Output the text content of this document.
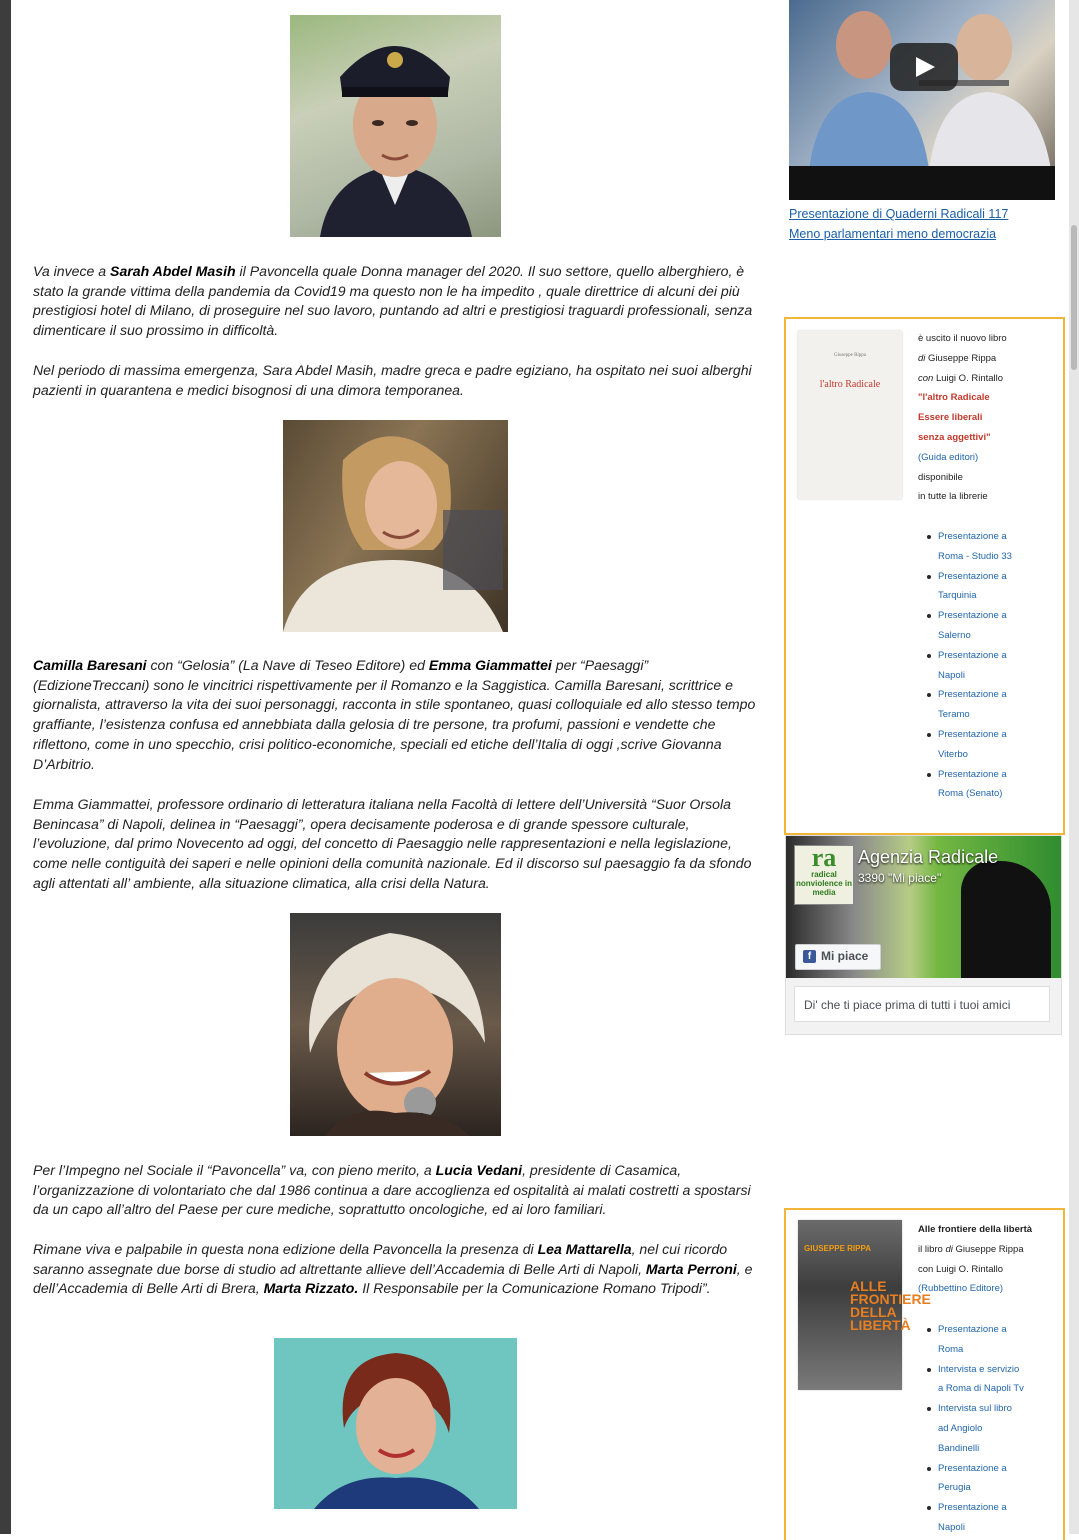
Va invece a Sarah Abdel Masih il Pavoncella quale Donna manager del 2020. Il suo settore, quello alberghiero, è stato la grande vittima della pandemia da Covid19 ma questo non le ha impedito , quale direttrice di alcuni dei più prestigiosi hotel di Milano, di proseguire nel suo lavoro, puntando ad altri e prestigiosi traguardi professionali, senza dimenticare il suo prossimo in difficoltà.

Nel periodo di massima emergenza, Sara Abdel Masih, madre greca e padre egiziano, ha ospitato nei suoi alberghi pazienti in quarantena e medici bisognosi di una dimora temporanea.

Camilla Baresani con “Gelosia” (La Nave di Teseo Editore) ed Emma Giammattei per “Paesaggi” (EdizioneTreccani) sono le vincitrici rispettivamente per il Romanzo e la Saggistica. Camilla Baresani, scrittrice e giornalista, attraverso la vita dei suoi personaggi, racconta in stile spontaneo, quasi colloquiale ed allo stesso tempo graffiante, l’esistenza confusa ed annebbiata dalla gelosia di tre persone, tra profumi, passioni e vendette che riflettono, come in uno specchio, crisi politico-economiche, speciali ed etiche dell’Italia di oggi ,scrive Giovanna D’Arbitrio.

Emma Giammattei, professore ordinario di letteratura italiana nella Facoltà di lettere dell’Università “Suor Orsola Benincasa” di Napoli, delinea in “Paesaggi”, opera decisamente poderosa e di grande spessore culturale, l’evoluzione, dal primo Novecento ad oggi, del concetto di Paesaggio nelle rappresentazioni e nella legislazione, come nelle contiguità dei saperi e nelle opinioni della comunità nazionale. Ed il discorso sul paesaggio fa da sfondo agli attentati all’ ambiente, alla situazione climatica, alla crisi della Natura.

Per l’Impegno nel Sociale il “Pavoncella” va, con pieno merito, a Lucia Vedani, presidente di Casamica, l’organizzazione di volontariato che dal 1986 continua a dare accoglienza ed ospitalità ai malati costretti a spostarsi da un capo all’altro del Paese per cure mediche, soprattutto oncologiche, ed ai loro familiari.

Rimane viva e palpabile in questa nona edizione della Pavoncella la presenza di Lea Mattarella, nel cui ricordo saranno assegnate due borse di studio ad altrettante allieve dell’Accademia di Belle Arti di Napoli, Marta Perroni, e dell’Accademia di Belle Arti di Brera, Marta Rizzato. Il Responsabile per la Comunicazione Romano Tripodi”.

Presentazione di Quaderni Radicali 117
Meno parlamentari meno democrazia
Giuseppe Rippa
l'altro Radicale
è uscito il nuovo libro
di Giuseppe Rippa
con Luigi O. Rintallo
"l'altro Radicale
Essere liberali
senza aggettivi"
(Guida editori)
disponibile
in tutte la librerie
Presentazione a
Roma - Studio 33
Presentazione a
Tarquinia
Presentazione a
Salerno
Presentazione a
Napoli
Presentazione a
Teramo
Presentazione a
Viterbo
Presentazione a
Roma (Senato)
ra
radical
nonviolence in media
Agenzia Radicale
3390 "Mi piace"
f Mi piace
Di' che ti piace prima di tutti i tuoi amici
GIUSEPPE RIPPA
ALLE FRONTIERE DELLA LIBERTÀ
Alle frontiere della libertà
il libro di Giuseppe Rippa
con Luigi O. Rintallo
(Rubbettino Editore)
Presentazione a
Roma
Intervista e servizio
a Roma di Napoli Tv
Intervista sul libro
ad Angiolo
Bandinelli
Presentazione a
Perugia
Presentazione a
Napoli
